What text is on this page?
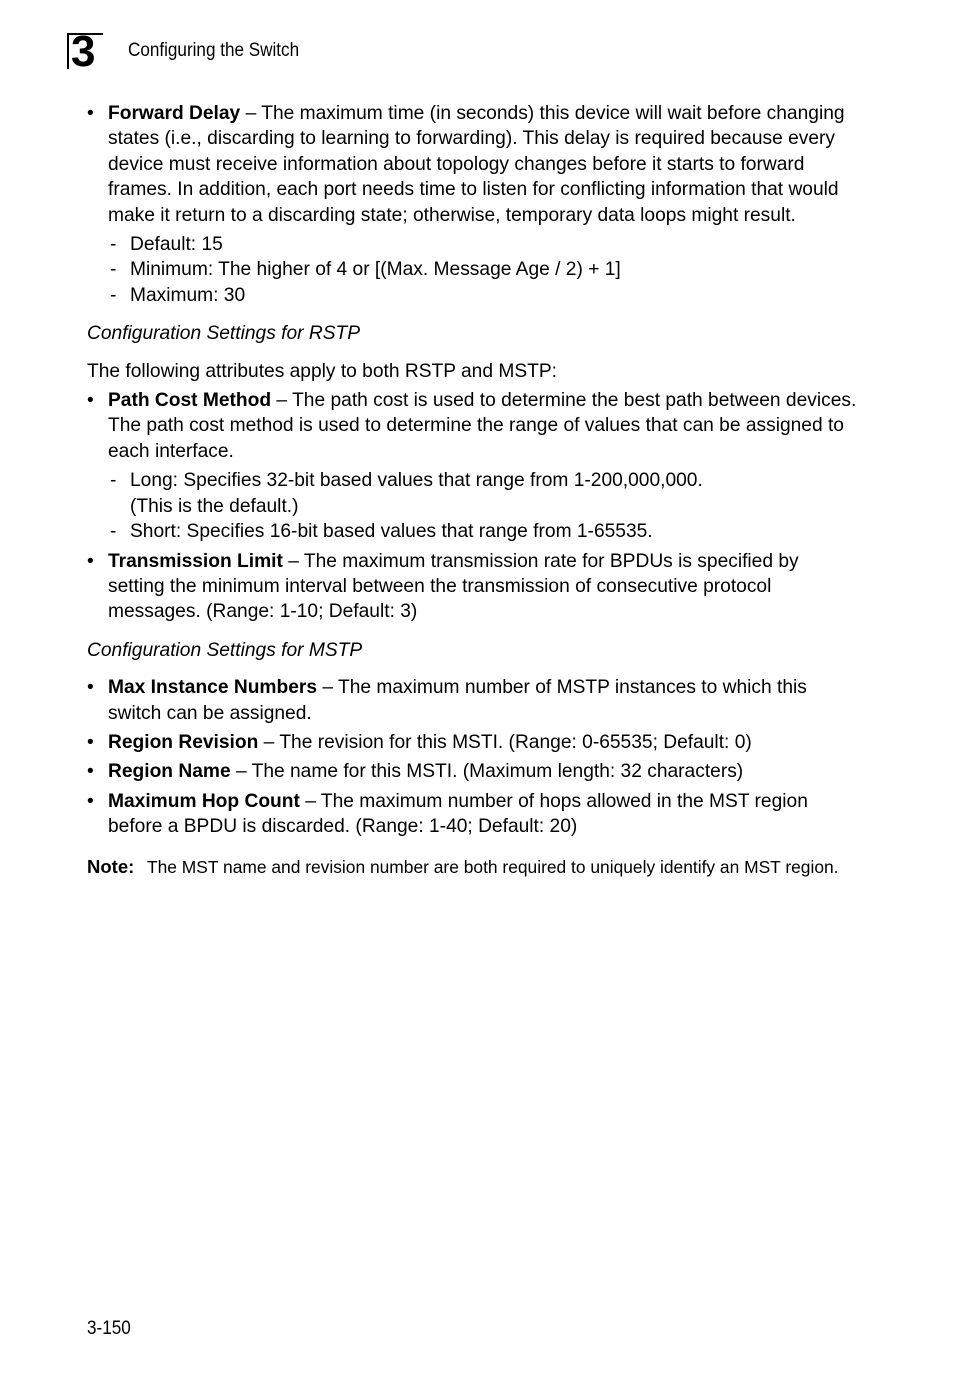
3 Configuring the Switch
• Forward Delay – The maximum time (in seconds) this device will wait before changing states (i.e., discarding to learning to forwarding). This delay is required because every device must receive information about topology changes before it starts to forward frames. In addition, each port needs time to listen for conflicting information that would make it return to a discarding state; otherwise, temporary data loops might result.
- Default: 15
- Minimum: The higher of 4 or [(Max. Message Age / 2) + 1]
- Maximum: 30
Configuration Settings for RSTP
The following attributes apply to both RSTP and MSTP:
• Path Cost Method – The path cost is used to determine the best path between devices. The path cost method is used to determine the range of values that can be assigned to each interface.
- Long: Specifies 32-bit based values that range from 1-200,000,000.
(This is the default.)
- Short: Specifies 16-bit based values that range from 1-65535.
• Transmission Limit – The maximum transmission rate for BPDUs is specified by setting the minimum interval between the transmission of consecutive protocol messages. (Range: 1-10; Default: 3)
Configuration Settings for MSTP
• Max Instance Numbers – The maximum number of MSTP instances to which this switch can be assigned.
• Region Revision – The revision for this MSTI. (Range: 0-65535; Default: 0)
• Region Name – The name for this MSTI. (Maximum length: 32 characters)
• Maximum Hop Count – The maximum number of hops allowed in the MST region before a BPDU is discarded. (Range: 1-40; Default: 20)
Note: The MST name and revision number are both required to uniquely identify an MST region.
3-150
